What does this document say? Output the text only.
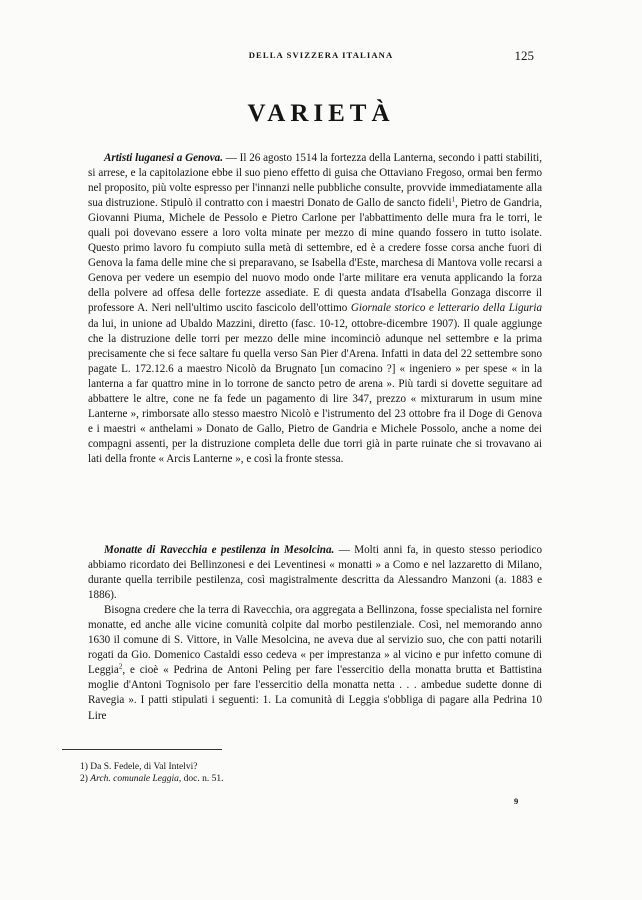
DELLA SVIZZERA ITALIANA	125
VARIETÀ

Artisti luganesi a Genova. — Il 26 agosto 1514 la fortezza della Lanterna, secondo i patti stabiliti, si arrese, e la capitolazione ebbe il suo pieno effetto di guisa che Ottaviano Fregoso, ormai ben fermo nel proposito, più volte espresso per l'innanzi nelle pubbliche consulte, provvide immediatamente alla sua distruzione. Stipulò il contratto con i maestri Donato de Gallo de sancto fideli$^1$, Pietro de Gandria, Giovanni Piuma, Michele de Pessolo e Pietro Carlone per l'abbattimento delle mura fra le torri, le quali poi dovevano essere a loro volta minate per mezzo di mine quando fossero in tutto isolate. Questo primo lavoro fu compiuto sulla metà di settembre, ed è a credere fosse corsa anche fuori di Genova la fama delle mine che si preparavano, se Isabella d'Este, marchesa di Mantova volle recarsi a Genova per vedere un esempio del nuovo modo onde l'arte militare era venuta applicando la forza della polvere ad offesa delle fortezze assediate. E di questa andata d'Isabella Gonzaga discorre il professore A. Neri nell'ultimo uscito fascicolo dell'ottimo Giornale storico e letterario della Liguria da lui, in unione ad Ubaldo Mazzini, diretto (fasc. 10-12, ottobre-dicembre 1907). Il quale aggiunge che la distruzione delle torri per mezzo delle mine incominciò adunque nel settembre e la prima precisamente che si fece saltare fu quella verso San Pier d'Arena. Infatti in data del 22 settembre sono pagate L. 172.12.6 a maestro Nicolò da Brugnato [un comacino ?] « ingeniero » per spese « in la lanterna a far quattro mine in lo torrone de sancto petro de arena ». Più tardi si dovette seguitare ad abbattere le altre, cone ne fa fede un pagamento di lire 347, prezzo « mixturarum in usum mine Lanterne », rimborsate allo stesso maestro Nicolò e l'istrumento del 23 ottobre fra il Doge di Genova e i maestri « anthelami » Donato de Gallo, Pietro de Gandria e Michele Possolo, anche a nome dei compagni assenti, per la distruzione completa delle due torri già in parte ruinate che si trovavano ai lati della fronte « Arcis Lanterne », e così la fronte stessa.

Monatte di Ravecchia e pestilenza in Mesolcina. — Molti anni fa, in questo stesso periodico abbiamo ricordato dei Bellinzonesi e dei Leventinesi « monatti » a Como e nel lazzaretto di Milano, durante quella terribile pestilenza, così magistralmente descritta da Alessandro Manzoni (a. 1883 e 1886).

Bisogna credere che la terra di Ravecchia, ora aggregata a Bellinzona, fosse specialista nel fornire monatte, ed anche alle vicine comunità colpite dal morbo pestilenziale. Così, nel memorando anno 1630 il comune di S. Vittore, in Valle Mesolcina, ne aveva due al servizio suo, che con patti notarili rogati da Gio. Domenico Castaldi esso cedeva « per imprestanza » al vicino e pur infetto comune di Leggia$^2$, e cioè « Pedrina de Antoni Peling per fare l'essercitio della monatta brutta et Battistina moglie d'Antoni Tognisolo per fare l'essercitio della monatta netta . . . ambedue sudette donne di Ravegia ». I patti stipulati i seguenti: 1. La comunità di Leggia s'obbliga di pagare alla Pedrina 10 Lire

1) Da S. Fedele, di Val Intelvi?
2) Arch. comunale Leggia, doc. n. 51.
9
